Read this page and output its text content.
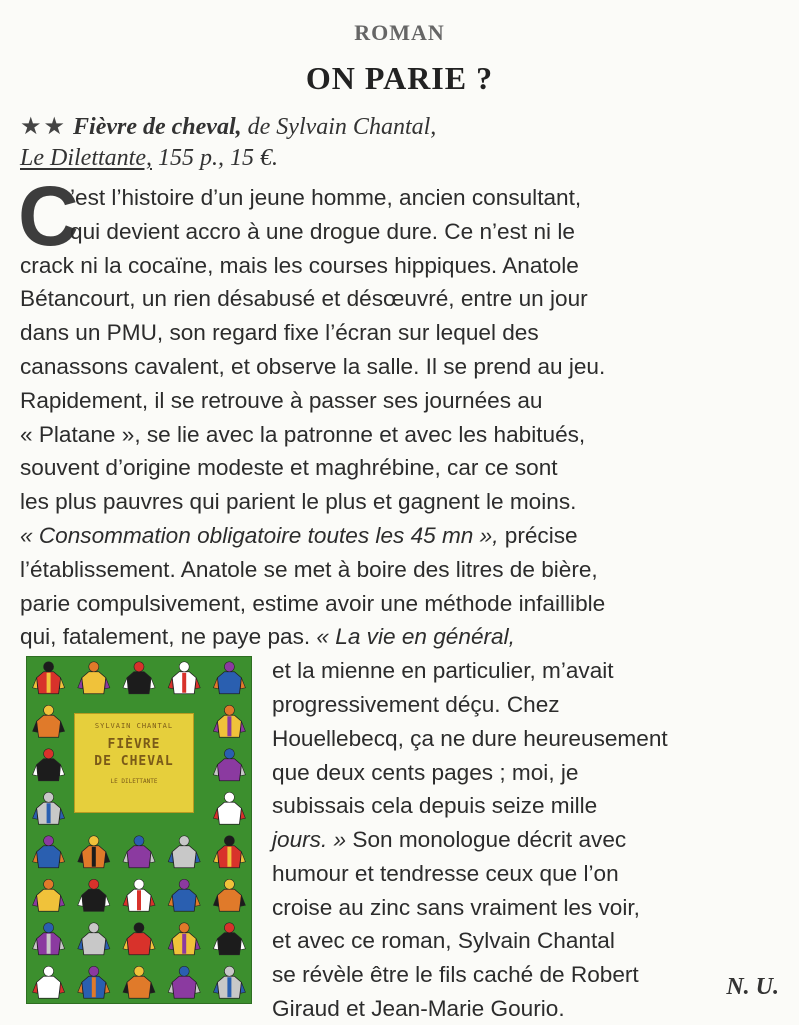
ROMAN
ON PARIE ?
★★ Fièvre de cheval, de Sylvain Chantal,
Le Dilettante, 155 p., 15 €.
C
’est l’histoire d’un jeune homme, ancien consultant,
qui devient accro à une drogue dure. Ce n’est ni le
crack ni la cocaïne, mais les courses hippiques. Anatole
Bétancourt, un rien désabusé et désœuvré, entre un jour
dans un PMU, son regard fixe l’écran sur lequel des
canassons cavalent, et observe la salle. Il se prend au jeu.
Rapidement, il se retrouve à passer ses journées au
« Platane », se lie avec la patronne et avec les habitués,
souvent d’origine modeste et maghrébine, car ce sont
les plus pauvres qui parient le plus et gagnent le moins.
« Consommation obligatoire toutes les 45 mn », précise
l’établissement. Anatole se met à boire des litres de bière,
parie compulsivement, estime avoir une méthode infaillible
qui, fatalement, ne paye pas. « La vie en général,
et la mienne en particulier, m’avait
progressivement déçu. Chez
Houellebecq, ça ne dure heureusement
que deux cents pages ; moi, je
subissais cela depuis seize mille
jours. » Son monologue décrit avec
humour et tendresse ceux que l’on
croise au zinc sans vraiment les voir,
et avec ce roman, Sylvain Chantal
se révèle être le fils caché de Robert
Giraud et Jean-Marie Gourio.
N. U.
SYLVAIN CHANTAL
FIÈVRE
DE CHEVAL
LE DILETTANTE
